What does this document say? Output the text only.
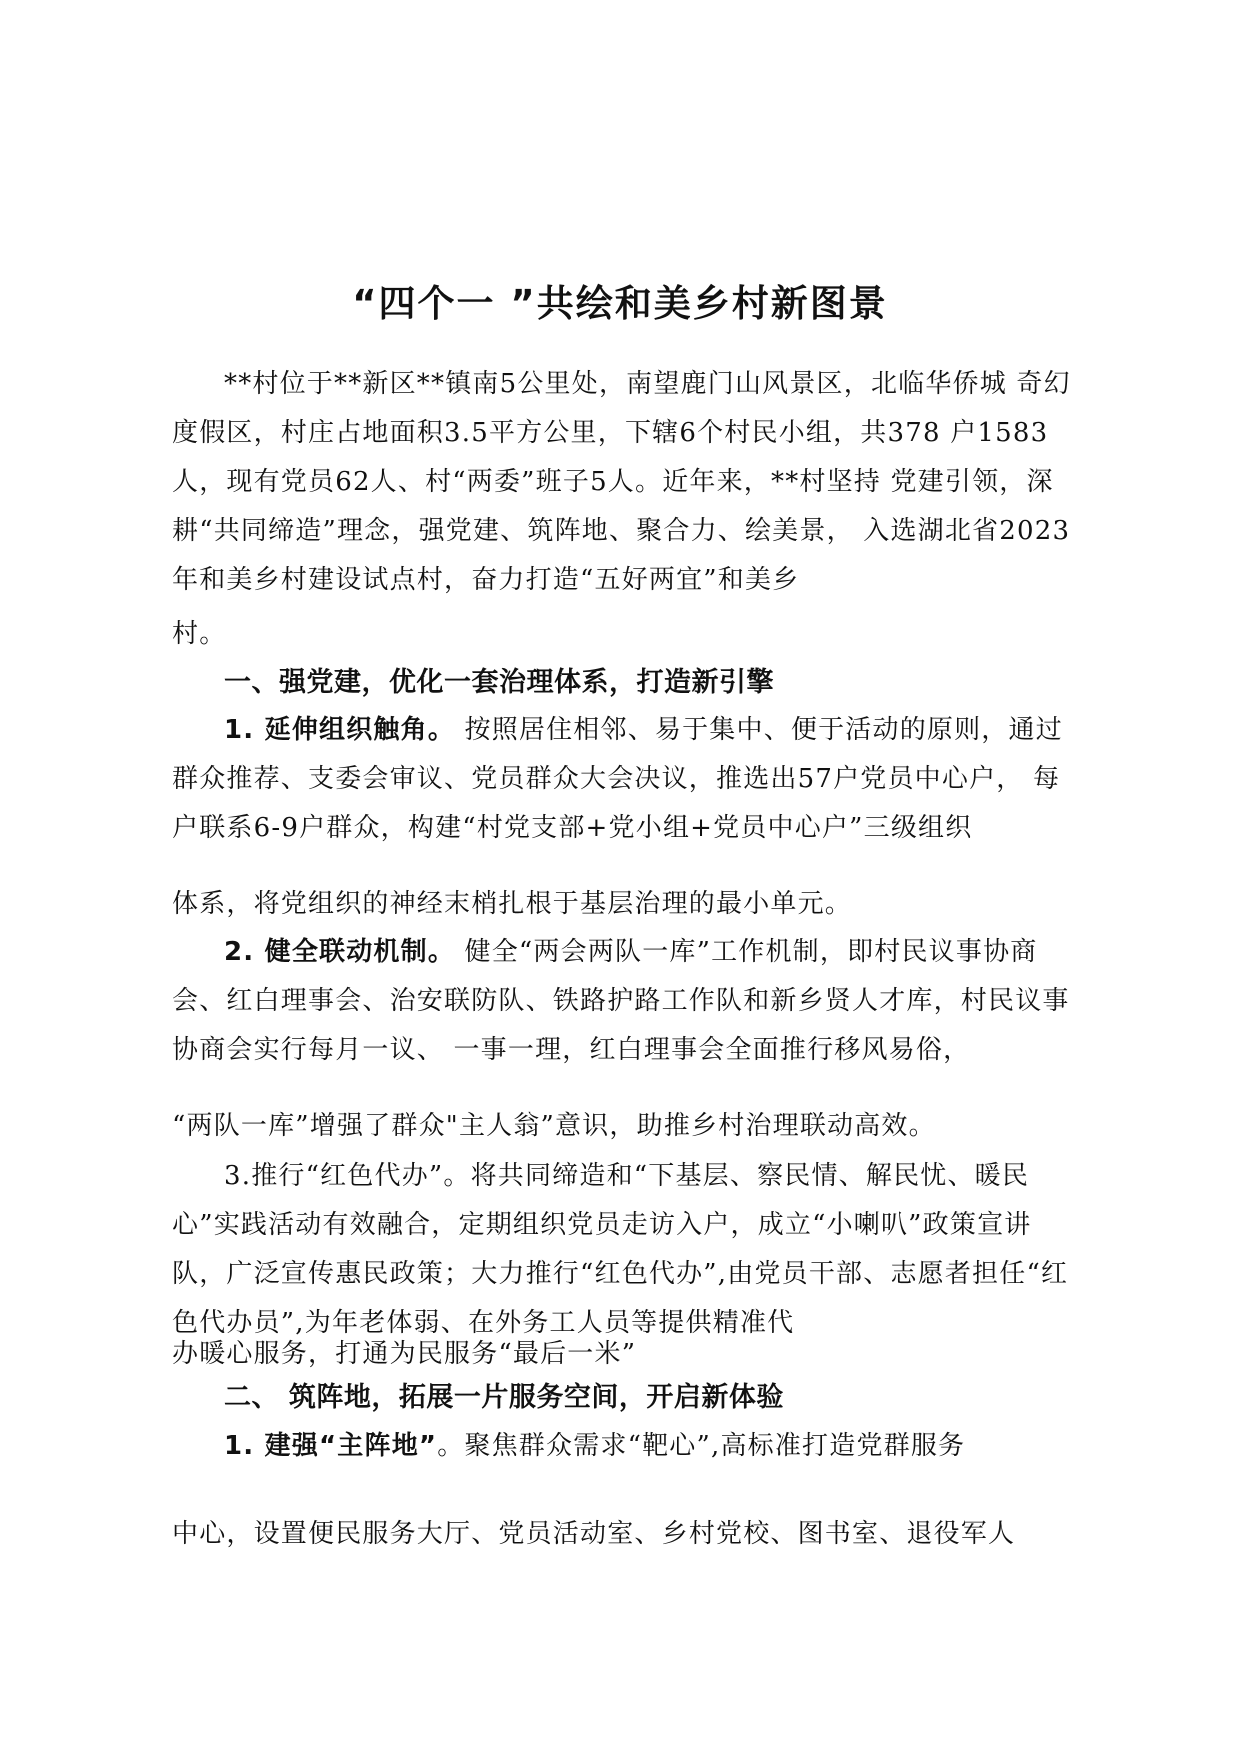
“四个一 ”共绘和美乡村新图景

**村位于**新区**镇南5公里处，南望鹿门山风景区，北临华侨城 奇幻度假区，村庄占地面积3.5平方公里，下辖6个村民小组，共378 户1583人，现有党员62人、村“两委”班子5人。近年来，**村坚持 党建引领，深耕“共同缔造”理念，强党建、筑阵地、聚合力、绘美景， 入选湖北省2023年和美乡村建设试点村，奋力打造“五好两宜”和美乡

村。

一、强党建，优化一套治理体系，打造新引擎

1. 延伸组织触角。 按照居住相邻、易于集中、便于活动的原则，通过群众推荐、支委会审议、党员群众大会决议，推选出57户党员中心户， 每户联系6-9户群众，构建“村党支部+党小组+党员中心户”三级组织

体系，将党组织的神经末梢扎根于基层治理的最小单元。

2. 健全联动机制。 健全“两会两队一库”工作机制，即村民议事协商会、红白理事会、治安联防队、铁路护路工作队和新乡贤人才库，村民议事协商会实行每月一议、 一事一理，红白理事会全面推行移风易俗，

“两队一库”增强了群众"主人翁”意识，助推乡村治理联动高效。

3.推行“红色代办”。将共同缔造和“下基层、察民情、解民忧、暖民心”实践活动有效融合，定期组织党员走访入户，成立“小喇叭”政策宣讲队，广泛宣传惠民政策；大力推行“红色代办”,由党员干部、志愿者担任“红色代办员”,为年老体弱、在外务工人员等提供精准代

办暖心服务，打通为民服务“最后一米”

二、 筑阵地，拓展一片服务空间，开启新体验

1. 建强“主阵地”。聚焦群众需求“靶心”,高标准打造党群服务

中心，设置便民服务大厅、党员活动室、乡村党校、图书室、退役军人
